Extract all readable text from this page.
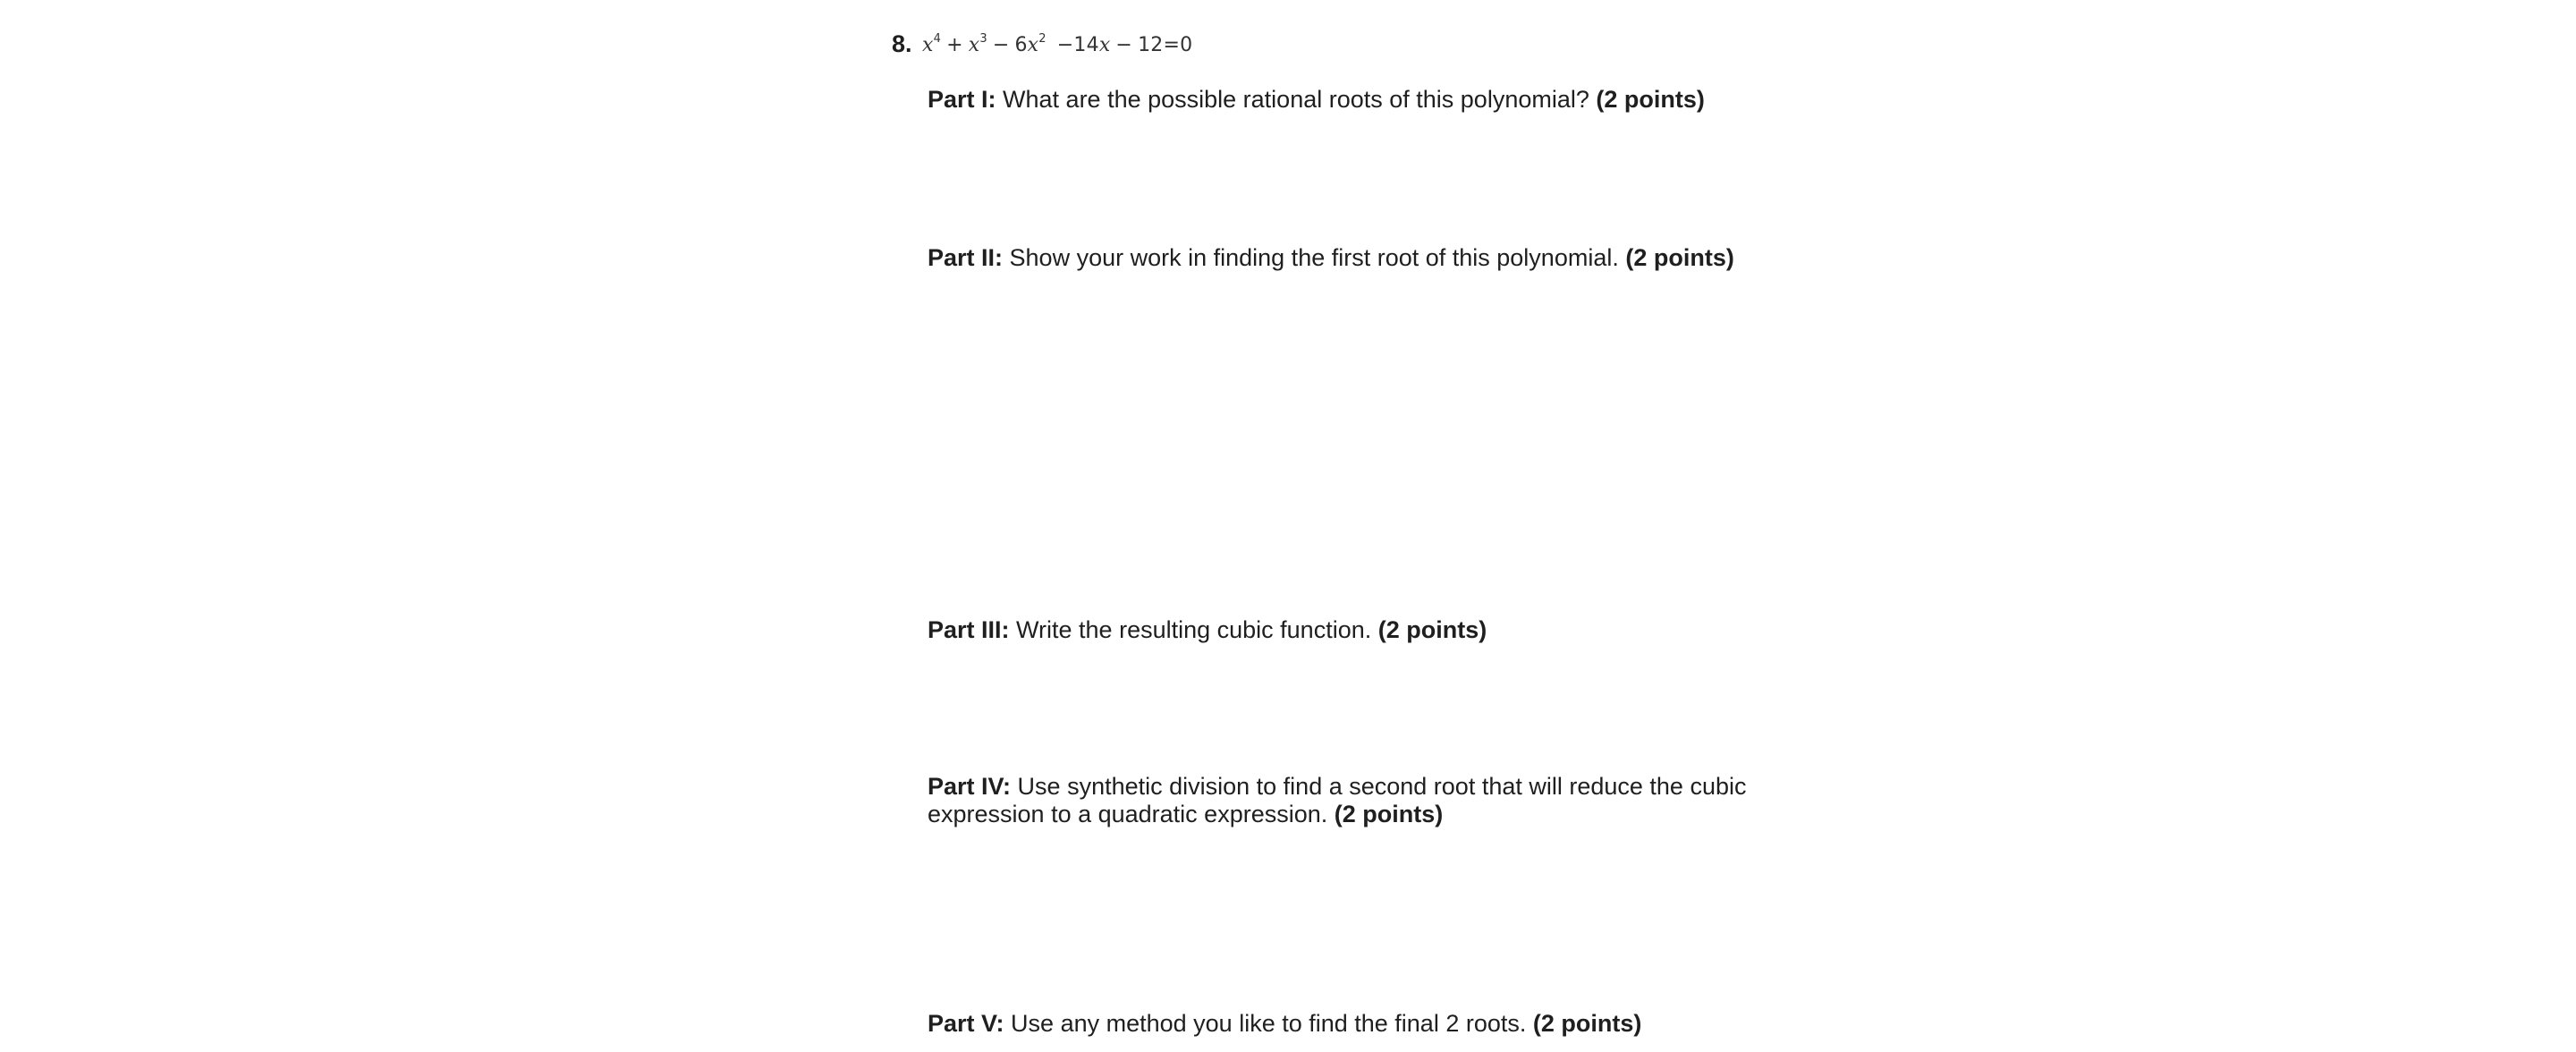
8. $x^4 + x^3 - 6x^2 -14x - 12=0$
Part I: What are the possible rational roots of this polynomial? (2 points)
Part II: Show your work in finding the first root of this polynomial. (2 points)
Part III: Write the resulting cubic function. (2 points)
Part IV: Use synthetic division to find a second root that will reduce the cubic expression to a quadratic expression. (2 points)
Part V: Use any method you like to find the final 2 roots. (2 points)
